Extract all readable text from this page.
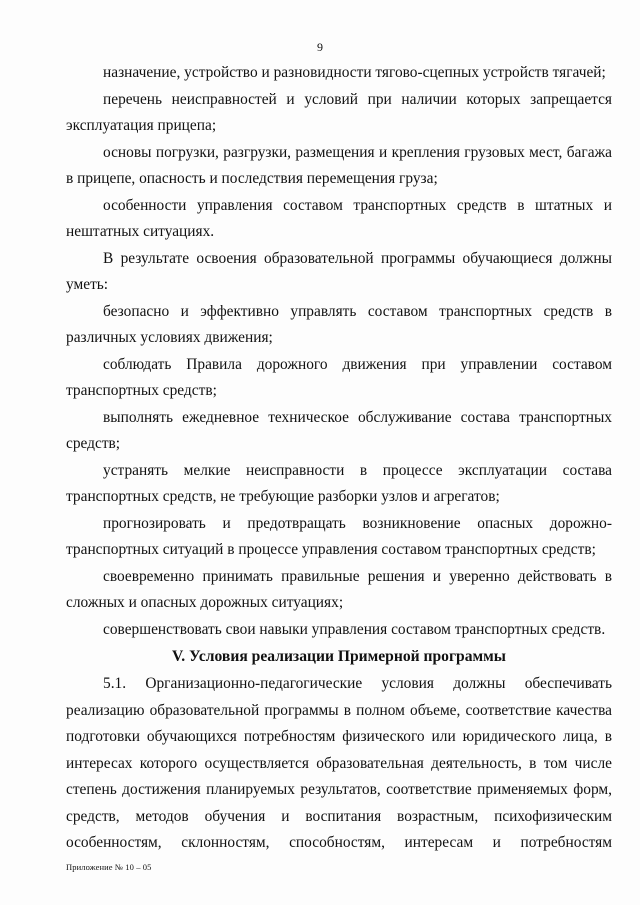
9

назначение, устройство и разновидности тягово-сцепных устройств тягачей;

перечень неисправностей и условий при наличии которых запрещается эксплуатация прицепа;

основы погрузки, разгрузки, размещения и крепления грузовых мест, багажа в прицепе, опасность и последствия перемещения груза;

особенности управления составом транспортных средств в штатных и нештатных ситуациях.

В результате освоения образовательной программы обучающиеся должны уметь:

безопасно и эффективно управлять составом транспортных средств в различных условиях движения;

соблюдать Правила дорожного движения при управлении составом транспортных средств;

выполнять ежедневное техническое обслуживание состава транспортных средств;

устранять мелкие неисправности в процессе эксплуатации состава транспортных средств, не требующие разборки узлов и агрегатов;

прогнозировать и предотвращать возникновение опасных дорожно-транспортных ситуаций в процессе управления составом транспортных средств;

своевременно принимать правильные решения и уверенно действовать в сложных и опасных дорожных ситуациях;

совершенствовать свои навыки управления составом транспортных средств.

V. Условия реализации Примерной программы

5.1. Организационно-педагогические условия должны обеспечивать реализацию образовательной программы в полном объеме, соответствие качества подготовки обучающихся потребностям физического или юридического лица, в интересах которого осуществляется образовательная деятельность, в том числе степень достижения планируемых результатов, соответствие применяемых форм, средств, методов обучения и воспитания возрастным, психофизическим особенностям, склонностям, способностям, интересам и потребностям

Приложение № 10 – 05
